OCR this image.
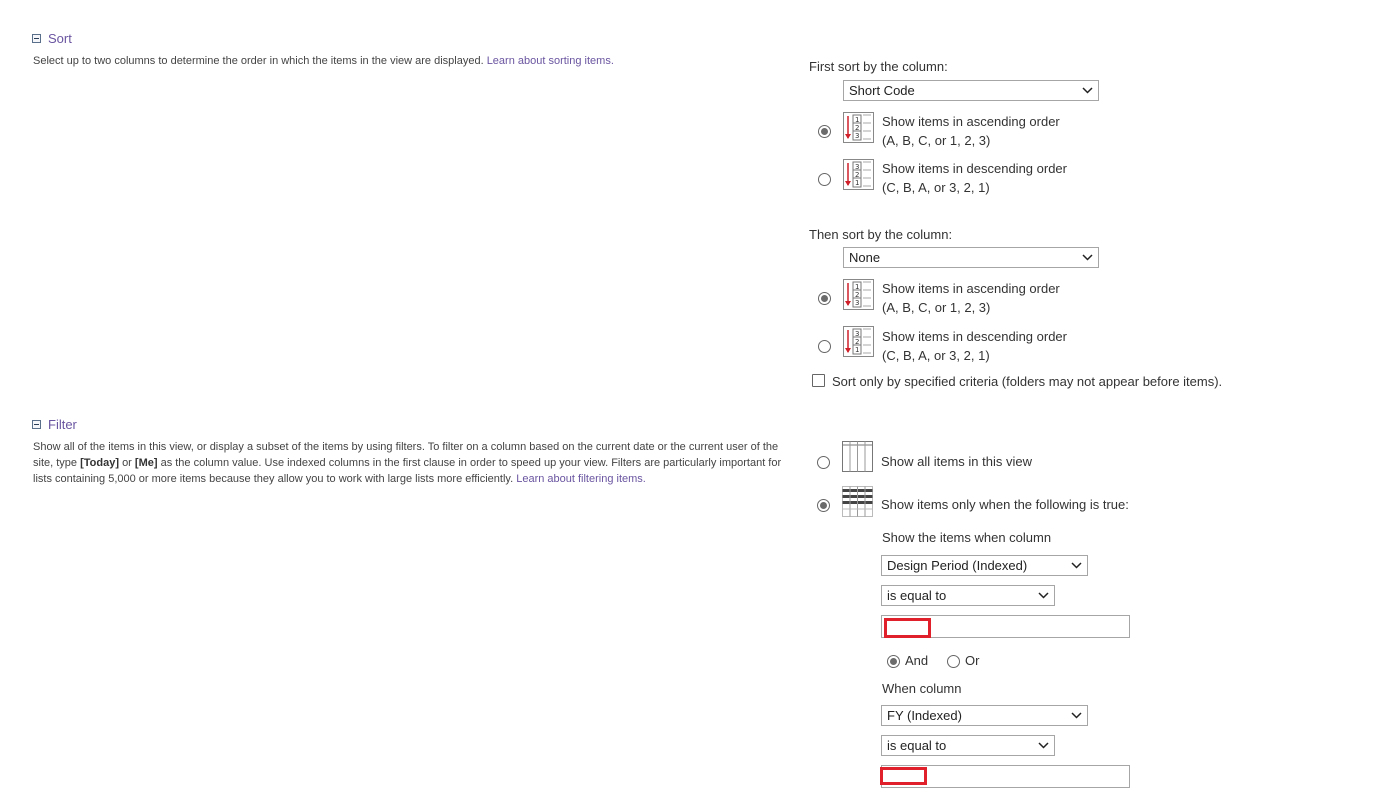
Sort
Select up to two columns to determine the order in which the items in the view are displayed. Learn about sorting items.	First sort by the column:
Short Code
1
2
3
Show items in ascending order
(A, B, C, or 1, 2, 3)
3
2
1
Show items in descending order
(C, B, A, or 3, 2, 1)
Then sort by the column:
None
1
2
3
Show items in ascending order
(A, B, C, or 1, 2, 3)
3
2
1
Show items in descending order
(C, B, A, or 3, 2, 1)
Sort only by specified criteria (folders may not appear before items).
Filter
Show all of the items in this view, or display a subset of the items by using filters. To filter on a column based on the current date or the current user of the site, type [Today] or [Me] as the column value. Use indexed columns in the first clause in order to speed up your view. Filters are particularly important for lists containing 5,000 or more items because they allow you to work with large lists more efficiently. Learn about filtering items.
Show all items in this view
Show items only when the following is true:
Show the items when column
Design Period (Indexed)
is equal to
And	Or
When column
FY (Indexed)
is equal to
